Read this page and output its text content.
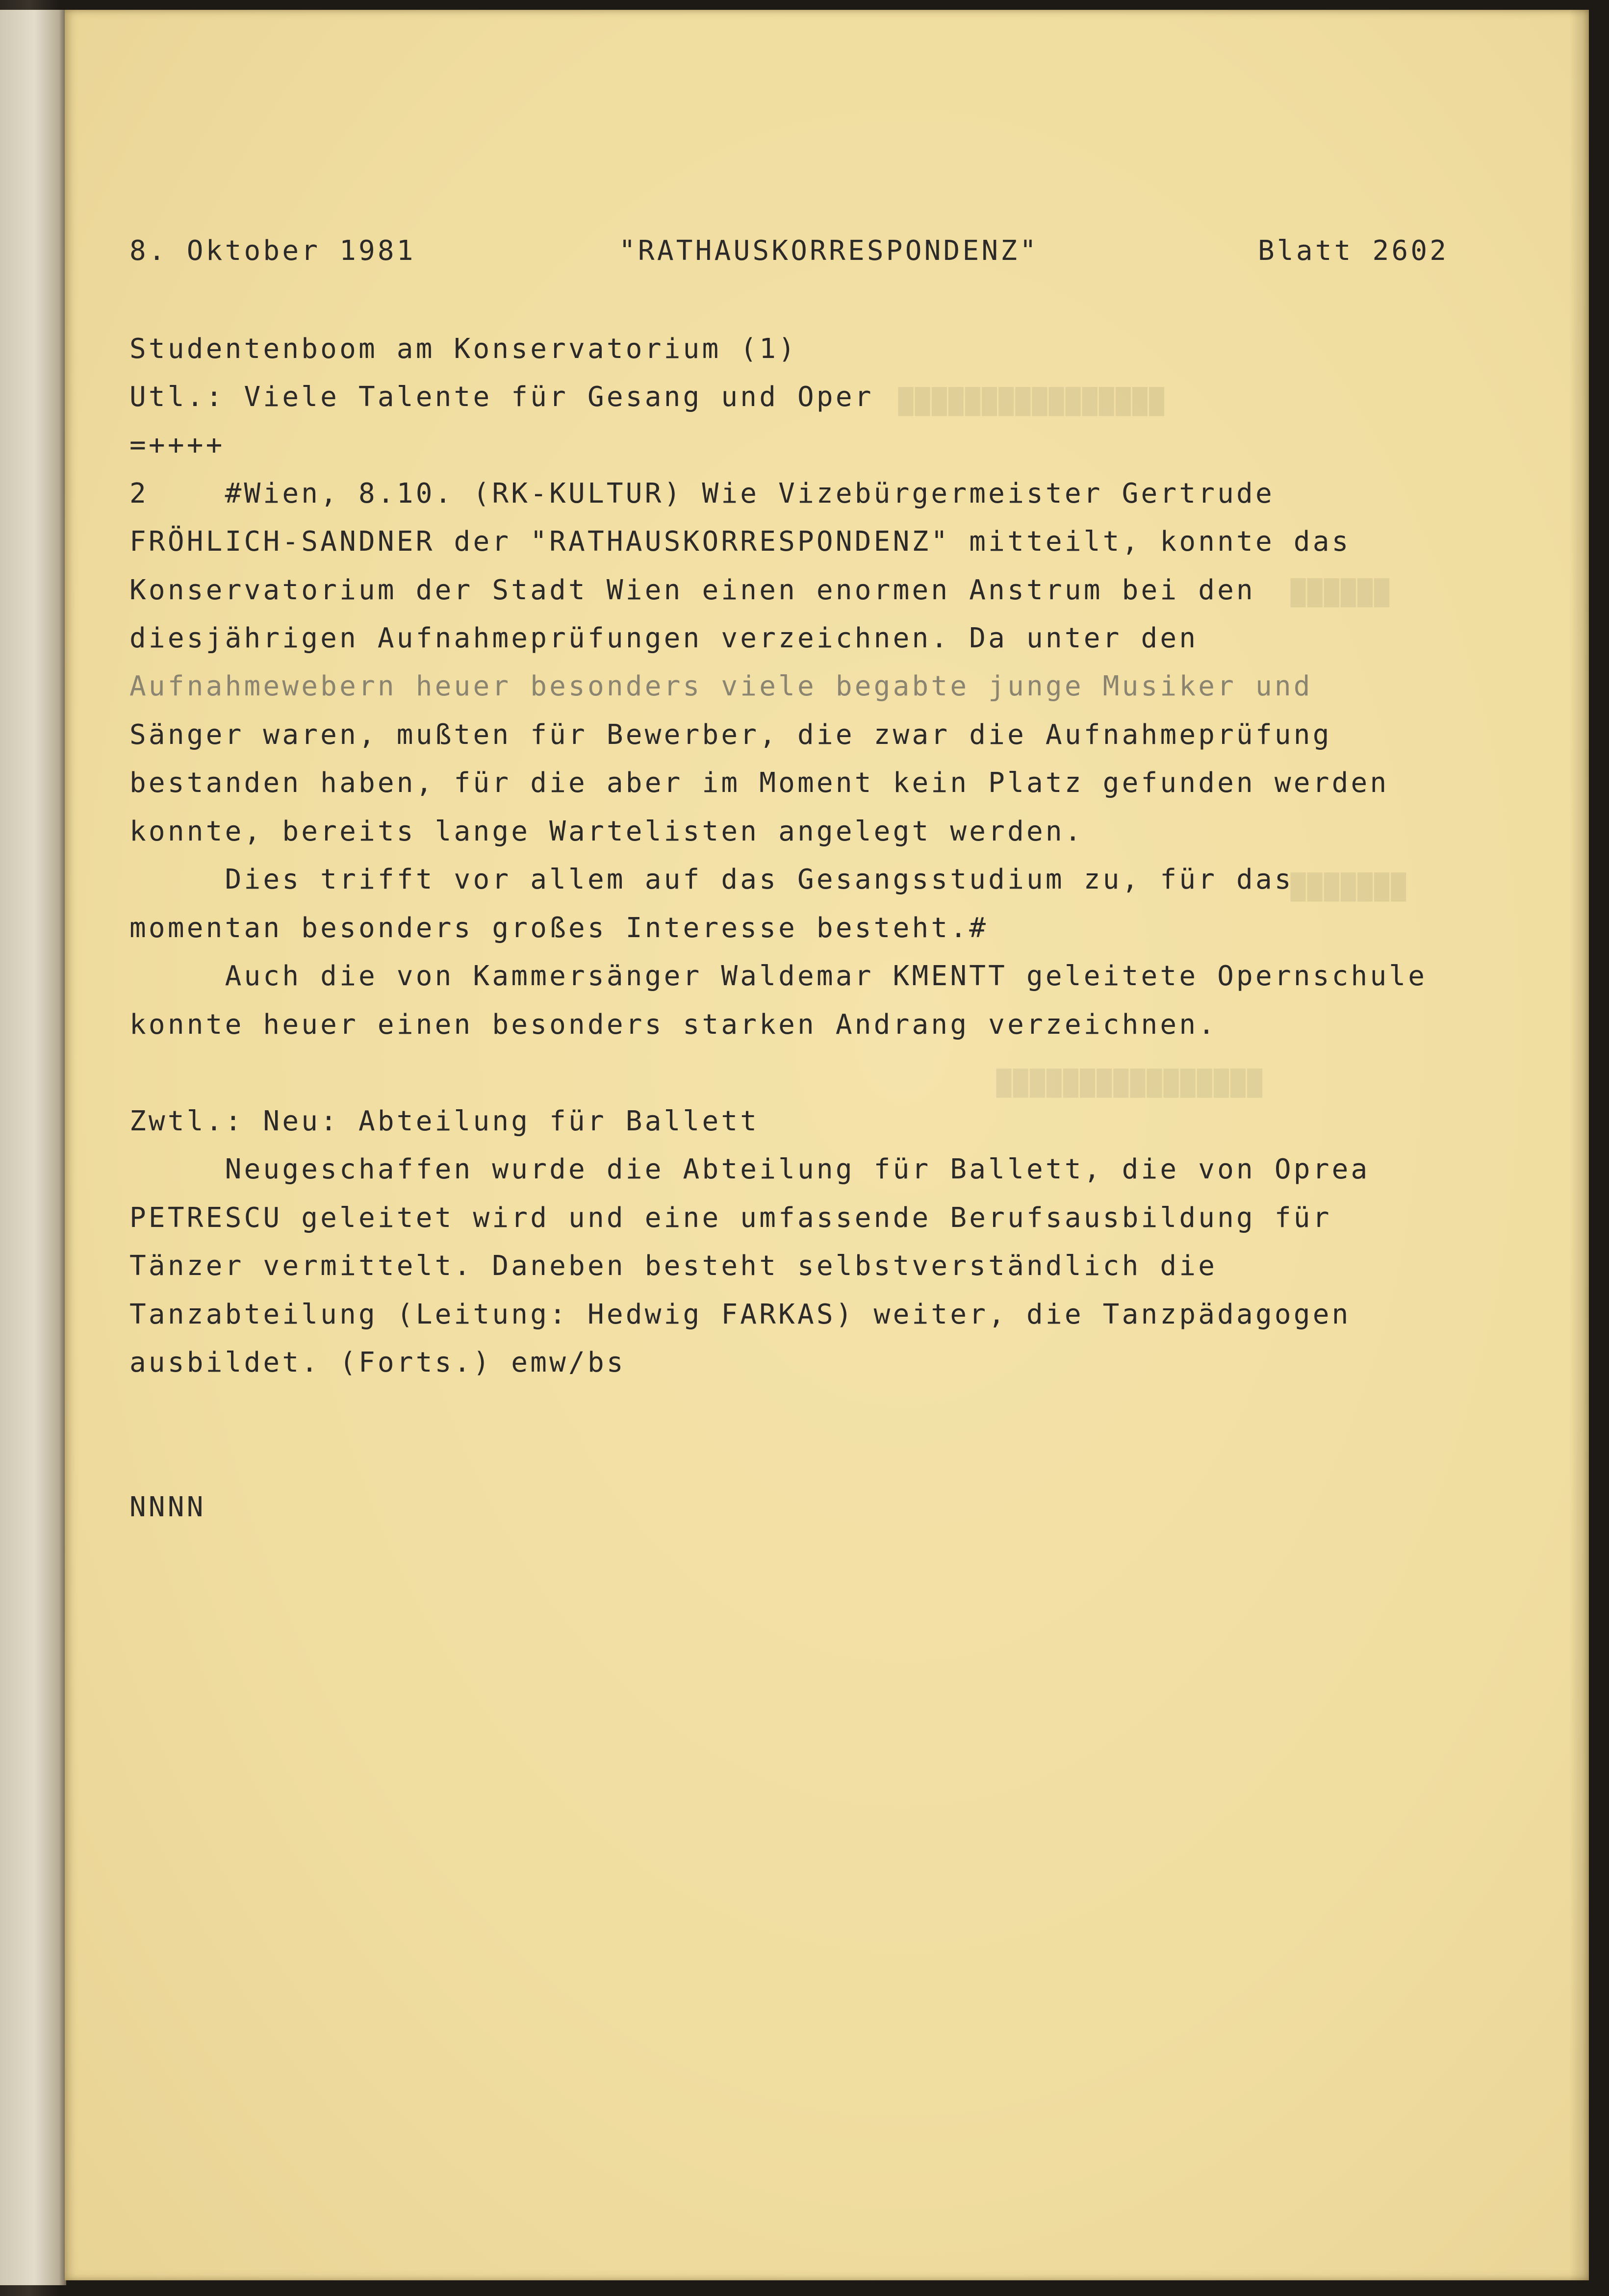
████████████████
██████
███████
████████████████
8. Oktober 1981	"RATHAUSKORRESPONDENZ"	Blatt 2602
Studentenboom am Konservatorium (1)
Utl.: Viele Talente für Gesang und Oper
=++++
2    #Wien, 8.10. (RK-KULTUR) Wie Vizebürgermeister Gertrude
FRÖHLICH-SANDNER der "RATHAUSKORRESPONDENZ" mitteilt, konnte das
Konservatorium der Stadt Wien einen enormen Anstrum bei den
diesjährigen Aufnahmeprüfungen verzeichnen. Da unter den
Aufnahmewebern heuer besonders viele begabte junge Musiker und
Sänger waren, mußten für Bewerber, die zwar die Aufnahmeprüfung
bestanden haben, für die aber im Moment kein Platz gefunden werden
konnte, bereits lange Wartelisten angelegt werden.
Dies trifft vor allem auf das Gesangsstudium zu, für das
momentan besonders großes Interesse besteht.#
Auch die von Kammersänger Waldemar KMENTT geleitete Opernschule
konnte heuer einen besonders starken Andrang verzeichnen.
Zwtl.: Neu: Abteilung für Ballett
Neugeschaffen wurde die Abteilung für Ballett, die von Oprea
PETRESCU geleitet wird und eine umfassende Berufsausbildung für
Tänzer vermittelt. Daneben besteht selbstverständlich die
Tanzabteilung (Leitung: Hedwig FARKAS) weiter, die Tanzpädagogen
ausbildet. (Forts.) emw/bs
NNNN
